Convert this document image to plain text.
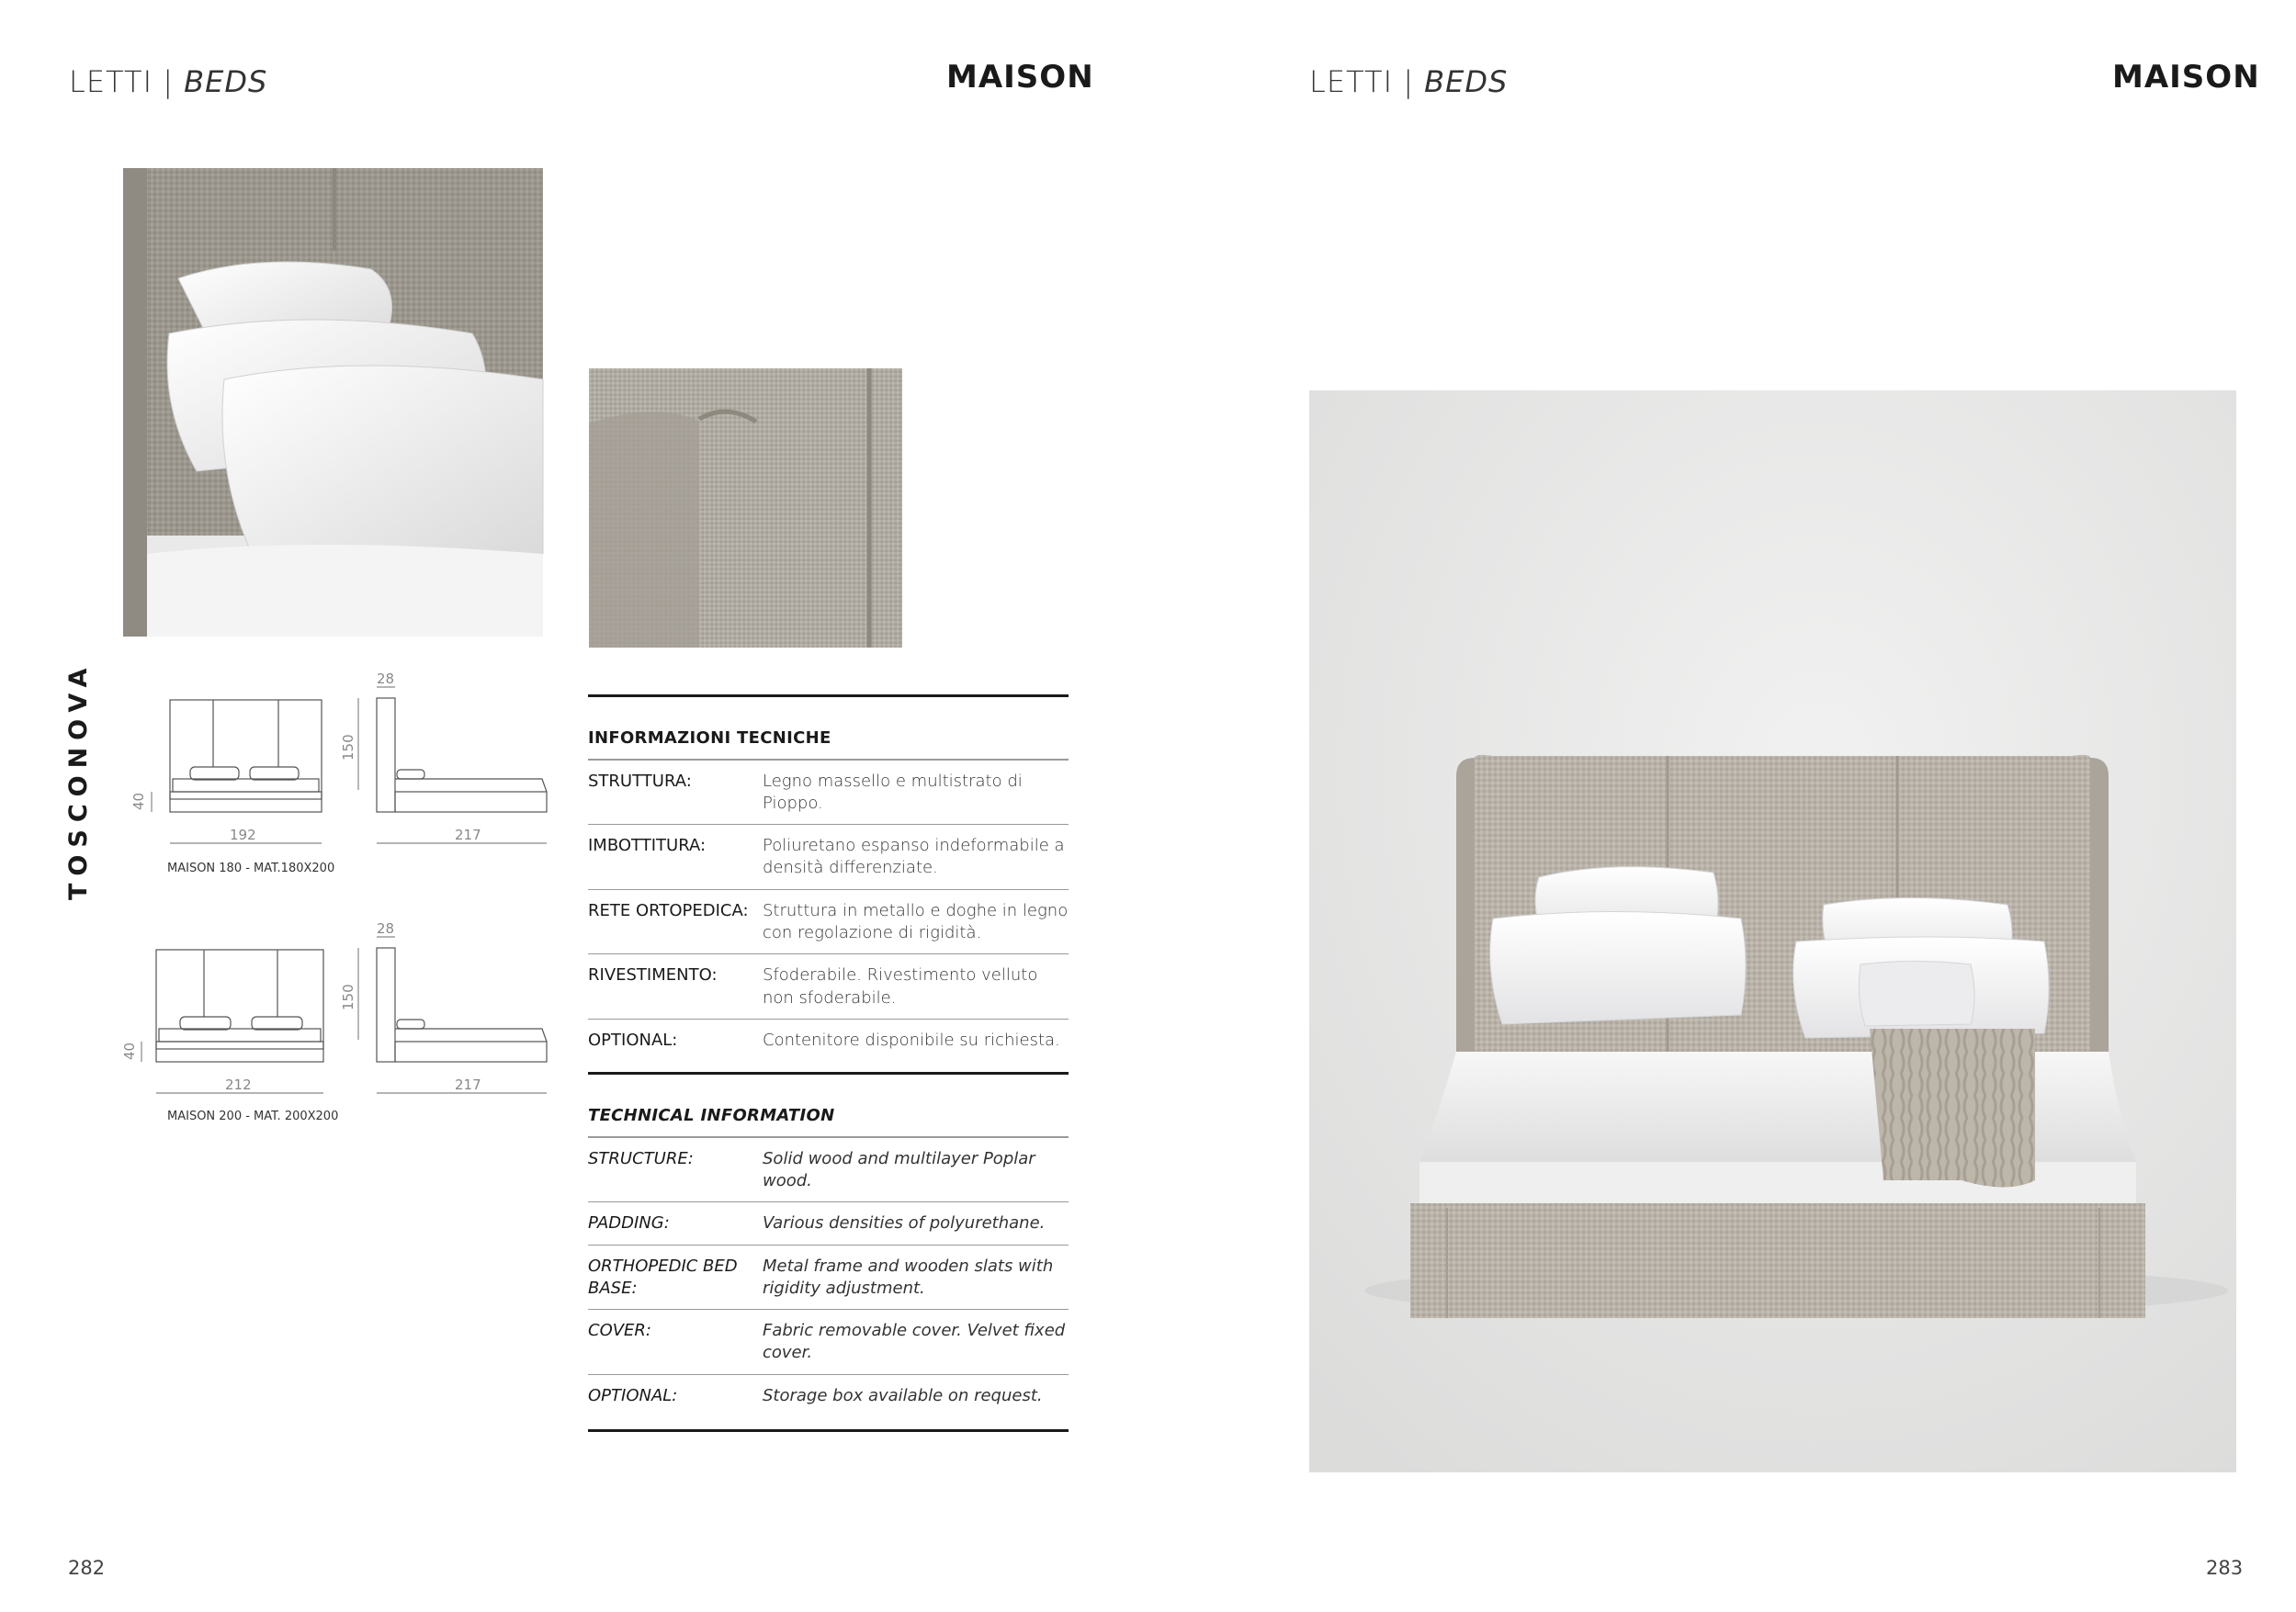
LETTI | BEDS	MAISON
TOSCONOVA	192
40
217
150
28
MAISON 180 - MAT.180X200
212
40
217
150
28
MAISON 200 - MAT. 200X200
INFORMAZIONI TECNICHE
STRUTTURA:	Legno massello e multistrato di Pioppo.
IMBOTTITURA:	Poliuretano espanso indeformabile a densità differenziate.
RETE ORTOPEDICA:	Struttura in metallo e doghe in legno con regolazione di rigidità.
RIVESTIMENTO:	Sfoderabile. Rivestimento velluto non sfoderabile.
OPTIONAL:	Contenitore disponibile su richiesta.
TECHNICAL INFORMATION
STRUCTURE:	Solid wood and multilayer Poplar wood.
PADDING:	Various densities of polyurethane.
ORTHOPEDIC BED BASE:	Metal frame and wooden slats with rigidity adjustment.
COVER:	Fabric removable cover. Velvet fixed cover.
OPTIONAL:	Storage box available on request.
282
LETTI | BEDS	MAISON
283
